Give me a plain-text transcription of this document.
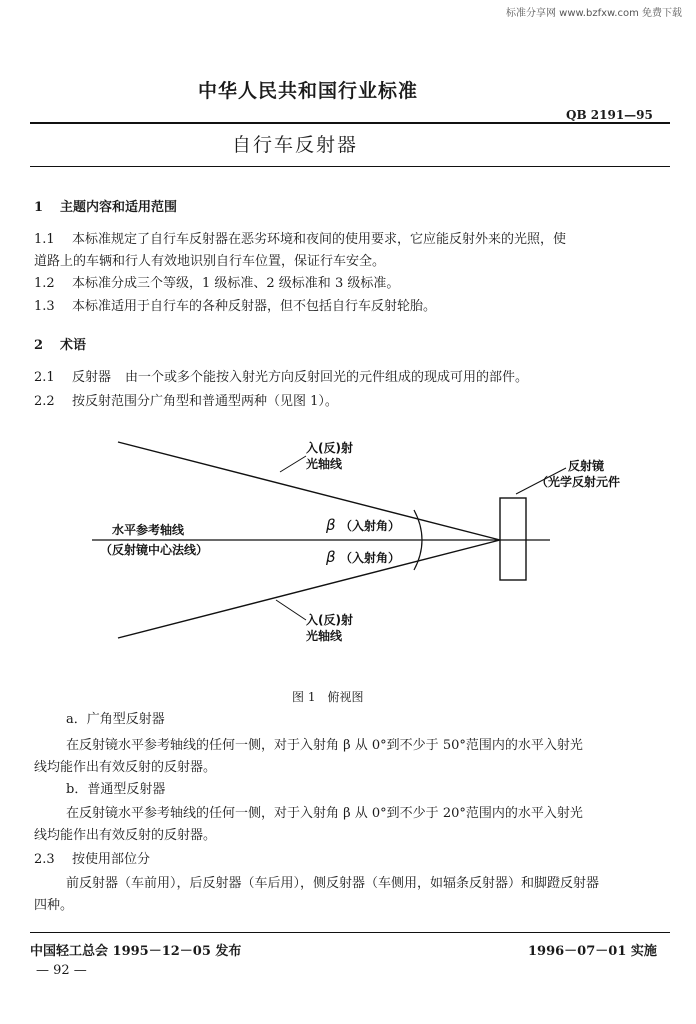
标准分享网 www.bzfxw.com 免费下载
中华人民共和国行业标准
QB 2191—95
自行车反射器
1 主题内容和适用范围
1.1 本标准规定了自行车反射器在恶劣环境和夜间的使用要求，它应能反射外来的光照，使
道路上的车辆和行人有效地识别自行车位置，保证行车安全。
1.2 本标准分成三个等级，1 级标准、2 级标准和 3 级标准。
1.3 本标准适用于自行车的各种反射器，但不包括自行车反射轮胎。
2 术语
2.1 反射器 由一个或多个能按入射光方向反射回光的元件组成的现成可用的部件。
2.2 按反射范围分广角型和普通型两种（见图 1）。
入(反)射
光轴线	反射镜
（光学反射元件
水平参考轴线
（反射镜中心法线）
β （入射角）
β （入射角）
入(反)射
光轴线
图 1　俯视图
a．广角型反射器
在反射镜水平参考轴线的任何一侧，对于入射角 β 从 0°到不少于 50°范围内的水平入射光
线均能作出有效反射的反射器。
b．普通型反射器
在反射镜水平参考轴线的任何一侧，对于入射角 β 从 0°到不少于 20°范围内的水平入射光
线均能作出有效反射的反射器。
2.3 按使用部位分
前反射器（车前用），后反射器（车后用），侧反射器（车侧用，如辐条反射器）和脚蹬反射器
四种。
中国轻工总会 1995－12－05 发布	1996－07－01 实施
— 92 —
